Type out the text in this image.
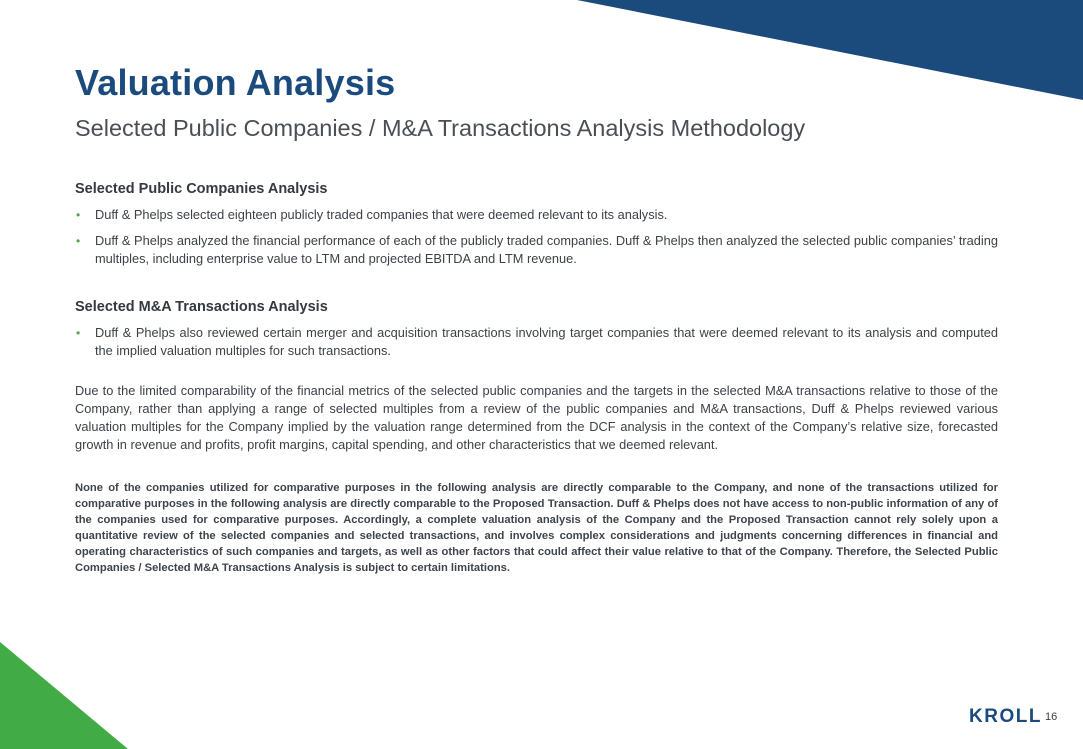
Valuation Analysis
Selected Public Companies / M&A Transactions Analysis Methodology
Selected Public Companies Analysis
• Duff & Phelps selected eighteen publicly traded companies that were deemed relevant to its analysis.
• Duff & Phelps analyzed the financial performance of each of the publicly traded companies. Duff & Phelps then analyzed the selected public companies’ trading multiples, including enterprise value to LTM and projected EBITDA and LTM revenue.
Selected M&A Transactions Analysis
• Duff & Phelps also reviewed certain merger and acquisition transactions involving target companies that were deemed relevant to its analysis and computed the implied valuation multiples for such transactions.

Due to the limited comparability of the financial metrics of the selected public companies and the targets in the selected M&A transactions relative to those of the Company, rather than applying a range of selected multiples from a review of the public companies and M&A transactions, Duff & Phelps reviewed various valuation multiples for the Company implied by the valuation range determined from the DCF analysis in the context of the Company’s relative size, forecasted growth in revenue and profits, profit margins, capital spending, and other characteristics that we deemed relevant.

None of the companies utilized for comparative purposes in the following analysis are directly comparable to the Company, and none of the transactions utilized for comparative purposes in the following analysis are directly comparable to the Proposed Transaction. Duff & Phelps does not have access to non-public information of any of the companies used for comparative purposes. Accordingly, a complete valuation analysis of the Company and the Proposed Transaction cannot rely solely upon a quantitative review of the selected companies and selected transactions, and involves complex considerations and judgments concerning differences in financial and operating characteristics of such companies and targets, as well as other factors that could affect their value relative to that of the Company. Therefore, the Selected Public Companies / Selected M&A Transactions Analysis is subject to certain limitations.

KROLL 16
